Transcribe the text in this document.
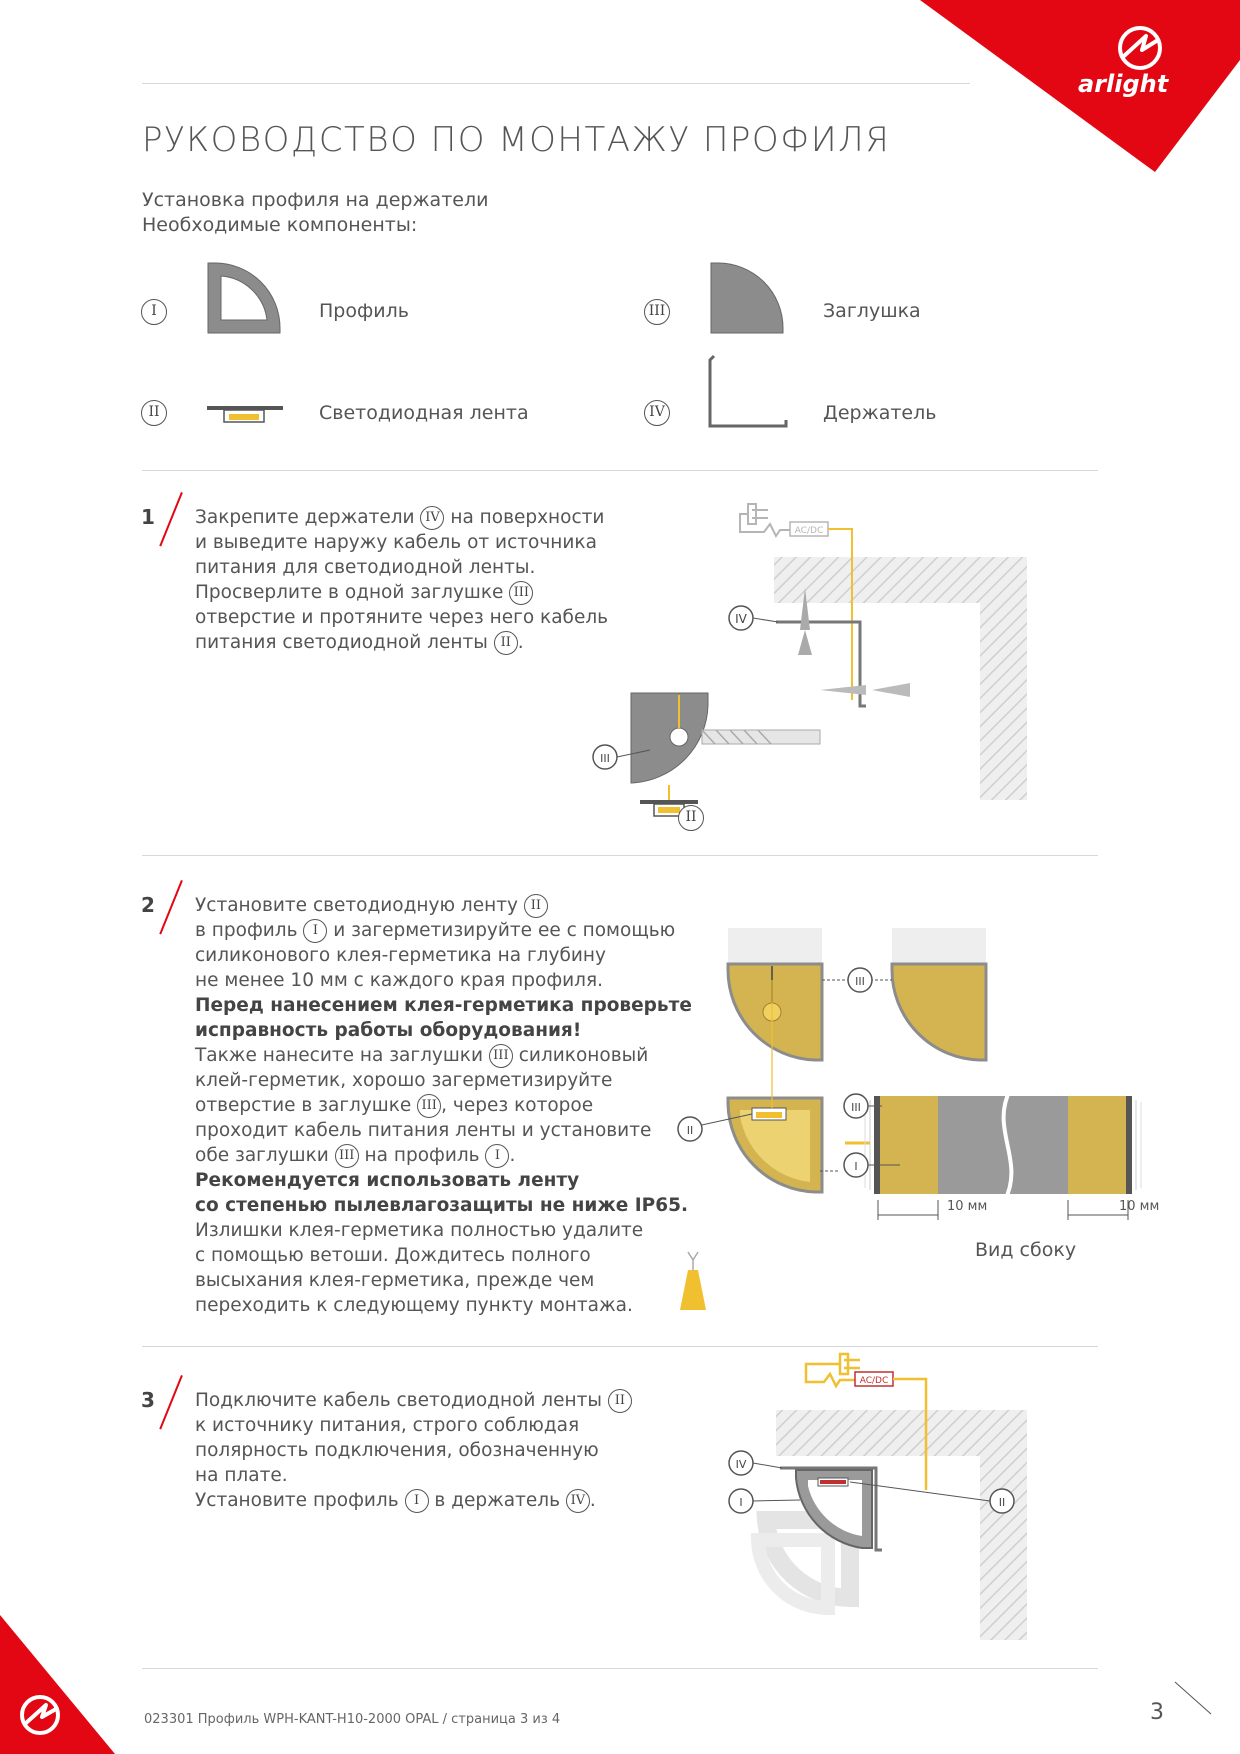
arlight
РУКОВОДСТВО ПО МОНТАЖУ ПРОФИЛЯ
Установка профиля на держатели
Необходимые компоненты:
I	Профиль
II	Светодиодная лента
III	Заглушка
IV	Держатель
1 Закрепите держатели IV на поверхности
и выведите наружу кабель от источника
питания для светодиодной ленты.
Просверлите в одной заглушке III
отверстие и протяните через него кабель
питания светодиодной ленты II .
AC/DC
IV
III
II
2 Установите светодиодную ленту II
в профиль I и загерметизируйте ее с помощью
силиконового клея-герметика на глубину
не менее 10 мм с каждого края профиля.
Перед нанесением клея-герметика проверьте
исправность работы оборудования!
Также нанесите на заглушки III силиконовый
клей-герметик, хорошо загерметизируйте
отверстие в заглушке III , через которое
проходит кабель питания ленты и установите
обе заглушки III на профиль I .
Рекомендуется использовать ленту
со степенью пылевлагозащиты не ниже IP65.
Излишки клея-герметика полностью удалите
с помощью ветоши. Дождитесь полного
высыхания клея-герметика, прежде чем
переходить к следующему пункту монтажа.
III
II
III
I
10 мм	10 мм
Вид сбоку
3 Подключите кабель светодиодной ленты II
к источнику питания, строго соблюдая
полярность подключения, обозначенную
на плате.
Установите профиль I в держатель IV .
AC/DC
IV
I	II
023301 Профиль WPH-KANT-H10-2000 OPAL / страница 3 из 4	3
